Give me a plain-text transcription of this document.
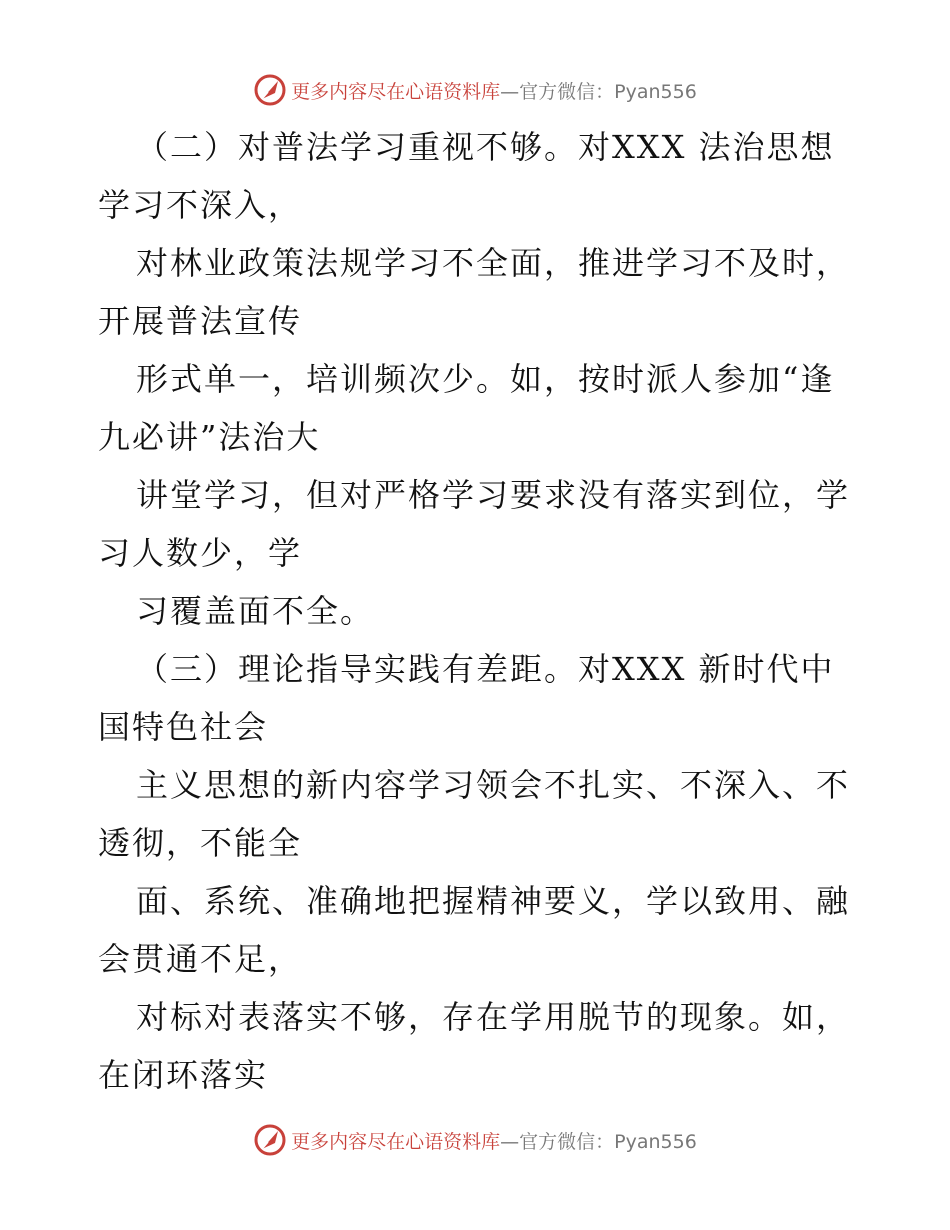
更多内容尽在心语资料库—官方微信：Pyan556
（二）对普法学习重视不够。对XXX 法治思想
学习不深入，
对林业政策法规学习不全面，推进学习不及时，
开展普法宣传
形式单一，培训频次少。如，按时派人参加“逢
九必讲”法治大
讲堂学习，但对严格学习要求没有落实到位，学
习人数少，学
习覆盖面不全。
（三）理论指导实践有差距。对XXX 新时代中
国特色社会
主义思想的新内容学习领会不扎实、不深入、不
透彻，不能全
面、系统、准确地把握精神要义，学以致用、融
会贯通不足，
对标对表落实不够，存在学用脱节的现象。如，
在闭环落实
更多内容尽在心语资料库—官方微信：Pyan556
